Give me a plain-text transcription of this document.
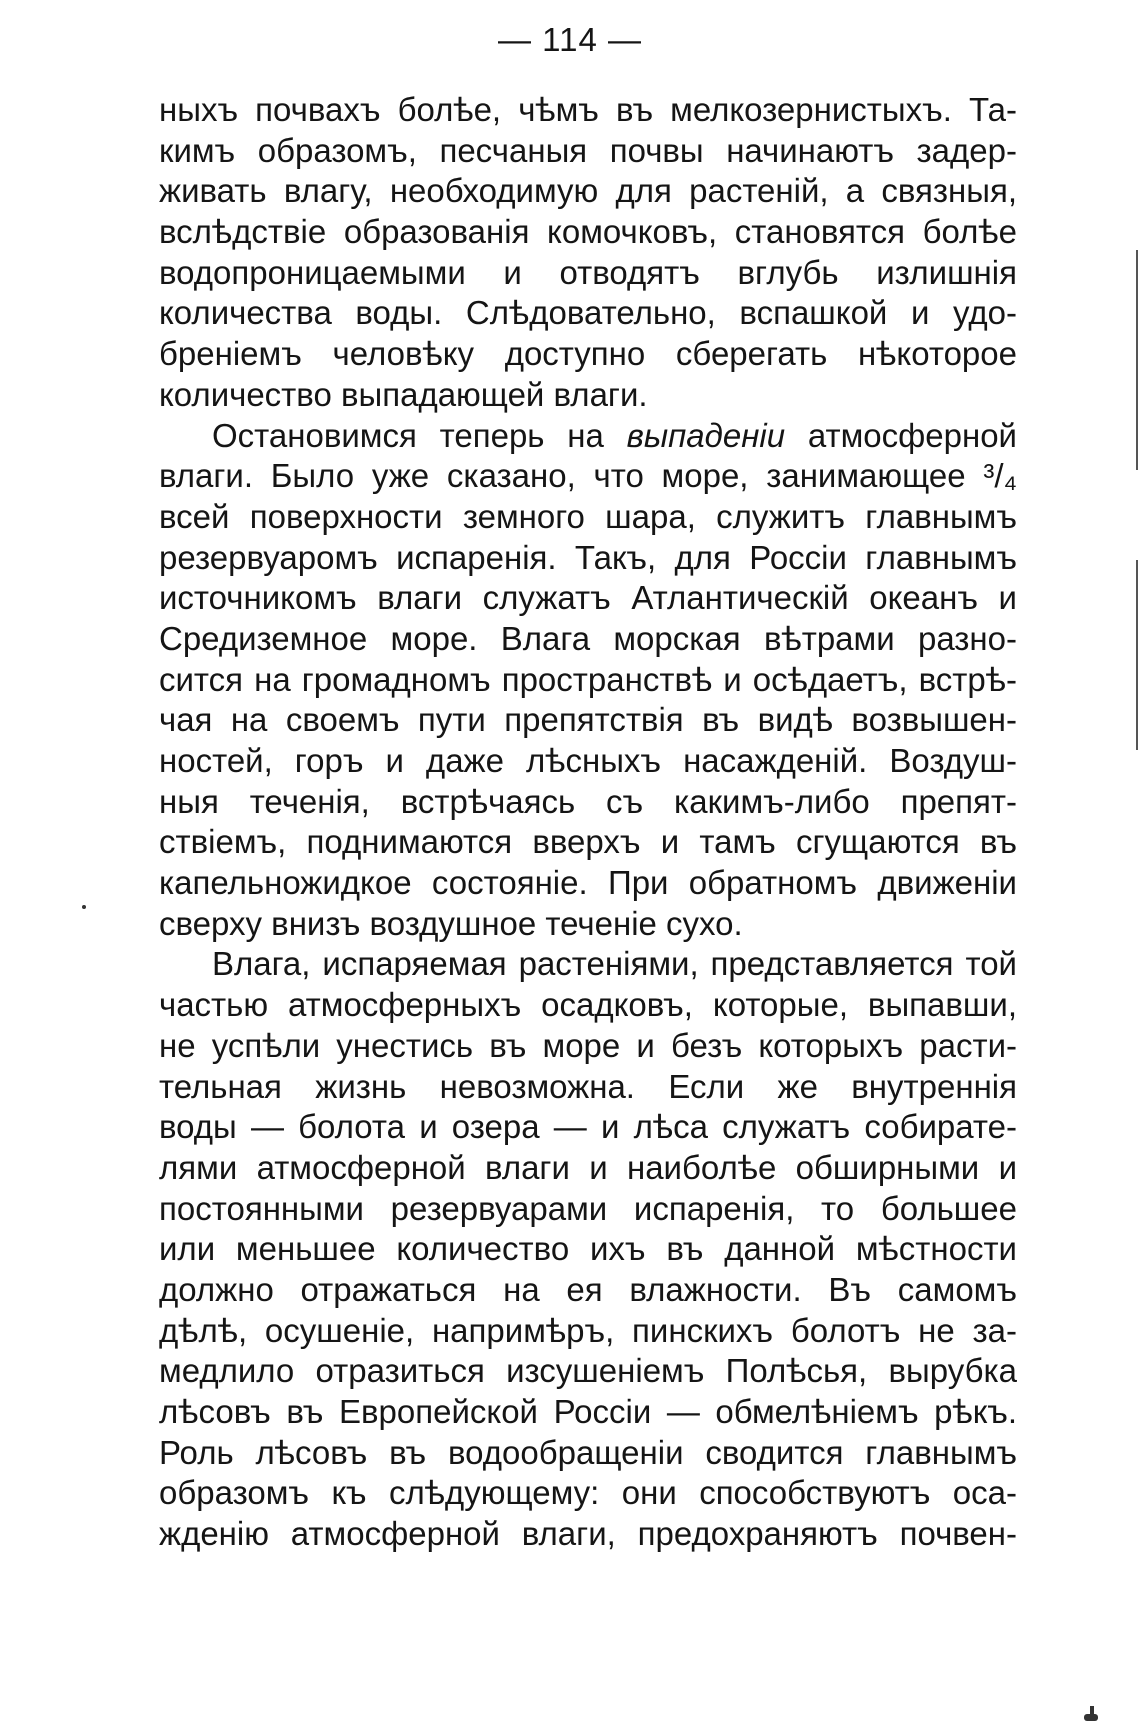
— 114 —
ныхъ почвахъ болѣе, чѣмъ въ мелкозернистыхъ. Та-
кимъ образомъ, песчаныя почвы начинаютъ задер-
живать влагу, необходимую для растеній, а связныя,
вслѣдствіе образованія комочковъ, становятся болѣе
водопроницаемыми и отводятъ вглубь излишнія
количества воды. Слѣдовательно, вспашкой и удо-
бреніемъ человѣку доступно сберегать нѣкоторое
количество выпадающей влаги.
Остановимся теперь на выпаденіи атмосферной
влаги. Было уже сказано, что море, занимающее ³/₄
всей поверхности земного шара, служитъ главнымъ
резервуаромъ испаренія. Такъ, для Россіи главнымъ
источникомъ влаги служатъ Атлантическій океанъ и
Средиземное море. Влага морская вѣтрами разно-
сится на громадномъ пространствѣ и осѣдаетъ, встрѣ-
чая на своемъ пути препятствія въ видѣ возвышен-
ностей, горъ и даже лѣсныхъ насажденій. Воздуш-
ныя теченія, встрѣчаясь съ какимъ-либо препят-
ствіемъ, поднимаются вверхъ и тамъ сгущаются въ
капельножидкое состояніе. При обратномъ движеніи
сверху внизъ воздушное теченіе сухо.
Влага, испаряемая растеніями, представляется той
частью атмосферныхъ осадковъ, которые, выпавши,
не успѣли унестись въ море и безъ которыхъ расти-
тельная жизнь невозможна. Если же внутреннія
воды — болота и озера — и лѣса служатъ собирате-
лями атмосферной влаги и наиболѣе обширными и
постоянными резервуарами испаренія, то большее
или меньшее количество ихъ въ данной мѣстности
должно отражаться на ея влажности. Въ самомъ
дѣлѣ, осушеніе, напримѣръ, пинскихъ болотъ не за-
медлило отразиться изсушеніемъ Полѣсья, вырубка
лѣсовъ въ Европейской Россіи — обмелѣніемъ рѣкъ.
Роль лѣсовъ въ водообращеніи сводится главнымъ
образомъ къ слѣдующему: они способствуютъ оса-
жденію атмосферной влаги, предохраняютъ почвен-
